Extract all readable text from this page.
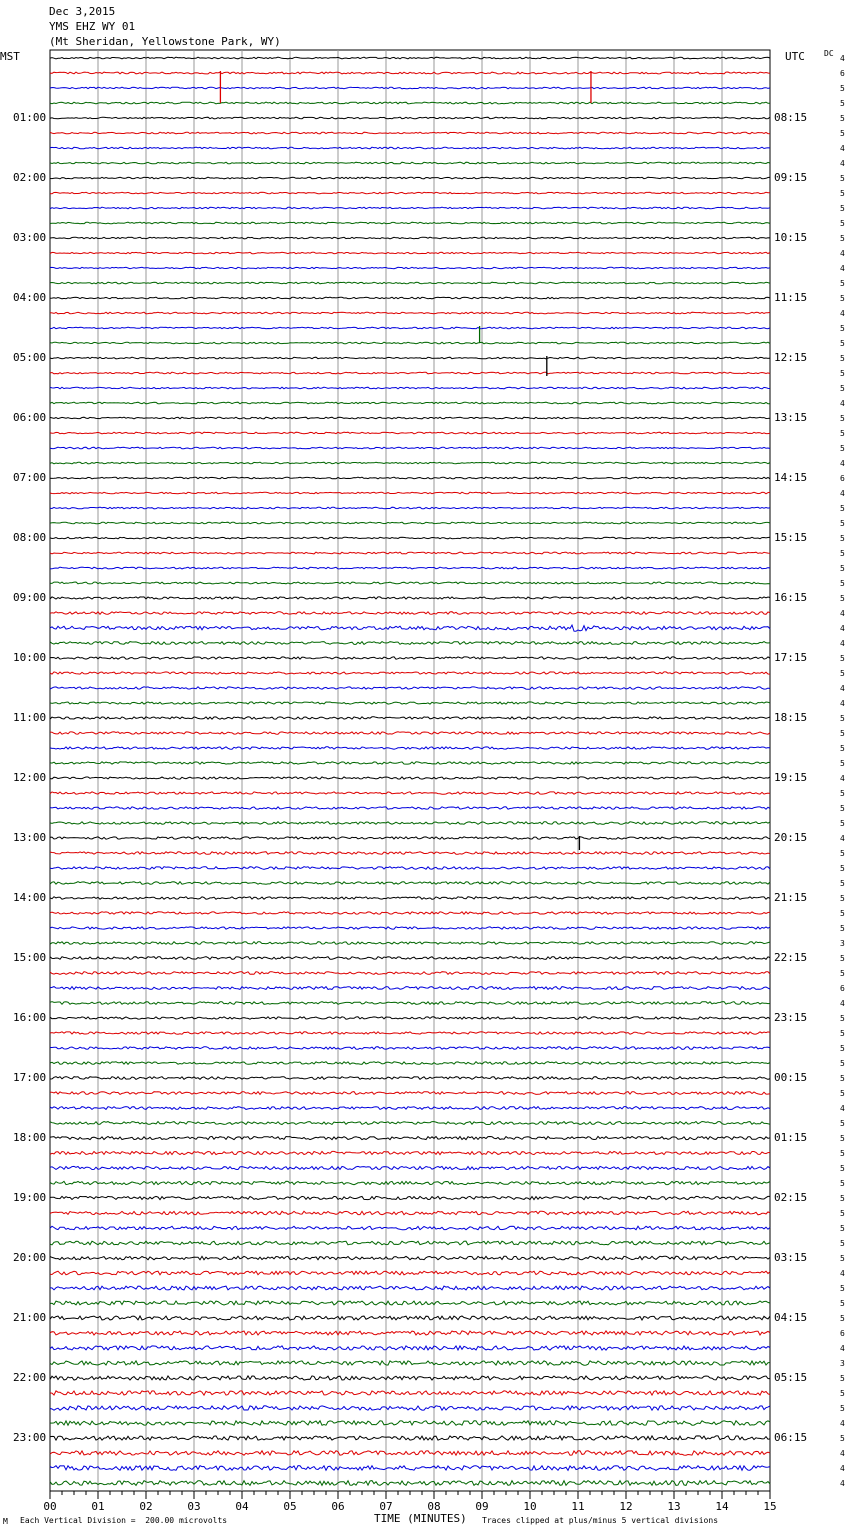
00	01	02	03	04	05	06	07	08	09	10	11	12	13	14	15
Dec 3,2015
YMS EHZ WY 01
(Mt Sheridan, Yellowstone Park, WY)
MST	UTC DC
01:00
02:00
03:00
04:00
05:00
06:00
07:00
08:00
09:00
10:00
11:00
12:00
13:00
14:00
15:00
16:00
17:00
18:00
19:00
20:00
21:00
22:00
23:00
08:15
09:15
10:15
11:15
12:15
13:15
14:15
15:15
16:15
17:15
18:15
19:15
20:15
21:15
22:15
23:15
00:15
01:15
02:15
03:15
04:15
05:15
06:15
4
6
5
5
5
5
4
4
5
5
5
5
5
4
4
5
5
4
5
5
5
5
5
4
5
5
5
4
6
4
5
5
5
5
5
5
5
4
4
4
5
5
4
4
5
5
5
5
4
5
5
5
4
5
5
5
5
5
5
3
5
5
6
4
5
5
5
5
5
5
4
5
5
5
5
5
5
5
5
5
5
4
5
5
5
6
4
3
5
5
5
4
5
4
4
4
M Each Vertical Division =  200.00 microvolts	TIME (MINUTES) Traces clipped at plus/minus 5 vertical divisions
